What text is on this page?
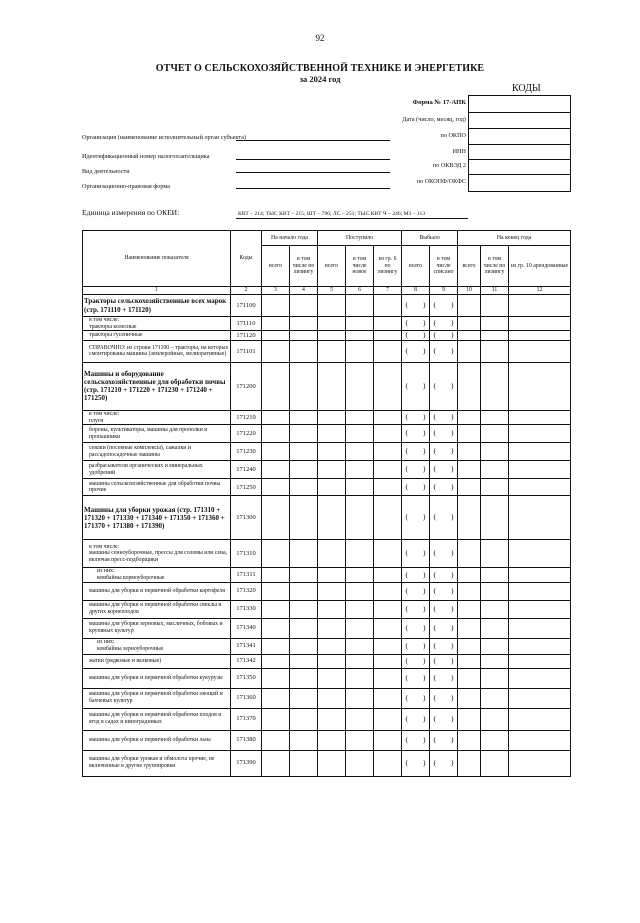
92
ОТЧЕТ О СЕЛЬСКОХОЗЯЙСТВЕННОЙ ТЕХНИКЕ И ЭНЕРГЕТИКЕ
за 2024 год
КОДЫ
Форма № 17-АПК
Дата (число, месяц, год)
по ОКПО
ИНН
по ОКВЭД 2
по ОКОПФ/ОКФС
Организация (наименование исполнительный орган субъекта)
Идентификационный номер налогоплательщика
Вид деятельности
Организационно-правовая форма
Единица измерения по ОКЕИ:	КВТ – 214; ТЫС КВТ – 215; ШТ – 796; ЛС – 251; ТЫС КВТ Ч – 246; М3 – 113
Наименование показателя	Коды	На начало года		Поступило			Выбыло		На конец года		
		всего	в том числе по лизингу	всего	в том числе новое	из гр. 6 по лизингу	всего	в том числе списано	всего	в том числе по лизингу	из гр. 10 арендованные
1	2	3	4	5	6	7	8	9	10	11	12
Тракторы сельскохозяйственные всех марок (стр. 171110 + 171120)	171100						(  )	(  )			
в том числе:
тракторы колесные	171110						(  )	(  )			
тракторы гусеничные	171120						(  )	(  )			
СПРАВОЧНО: из строки 171100 – тракторы, на которых смонтированы машины (землеройные, мелиоративные)	171101						(  )	(  )			
Машины и оборудование сельскохозяйственные для обработки почвы (стр. 171210 + 171220 + 171230 + 171240 + 171250)	171200						(  )	(  )			
в том числе:
плуги	171210						(  )	(  )			
бороны, культиваторы, машины для прополки и пропашники	171220						(  )	(  )			
сеялки (посевные комплексы), сажалки и рассадопосадочные машины	171230						(  )	(  )			
разбрасыватели органических и минеральных удобрений	171240						(  )	(  )			
машины сельскохозяйственные для обработки почвы прочие	171250						(  )	(  )			
Машины для уборки урожая (стр. 171310 + 171320 + 171330 + 171340 + 171350 + 171360 + 171370 + 171380 + 171390)	171300						(  )	(  )			
в том числе:
машины сенноуборочные, прессы для соломы или сена, включая пресс-подборщики	171310						(  )	(  )			
из них:
комбайны кормоуборочные	171311						(  )	(  )			
машины для уборки и первичной обработки картофеля	171320						(  )	(  )			
машины для уборки и первичной обработки свеклы и других корнеплодов	171330						(  )	(  )			
машины для уборки зерновых, масличных, бобовых и крупяных культур	171340						(  )	(  )			
из них:
комбайны зерноуборочные	171341						(  )	(  )			
жатки (рядковые и валковые)	171342						(  )	(  )			
машины для уборки и первичной обработки кукурузы	171350						(  )	(  )			
машины для уборки и первичной обработки овощей и бахчевых культур	171360						(  )	(  )			
машины для уборки и первичной обработки плодов и ягод в садах и виноградниках	171370						(  )	(  )			
машины для уборки и первичной обработки льна	171380						(  )	(  )			
машины для уборки урожая и обмолота прочие, не включенные в другие группировки	171390						(  )	(  )			
